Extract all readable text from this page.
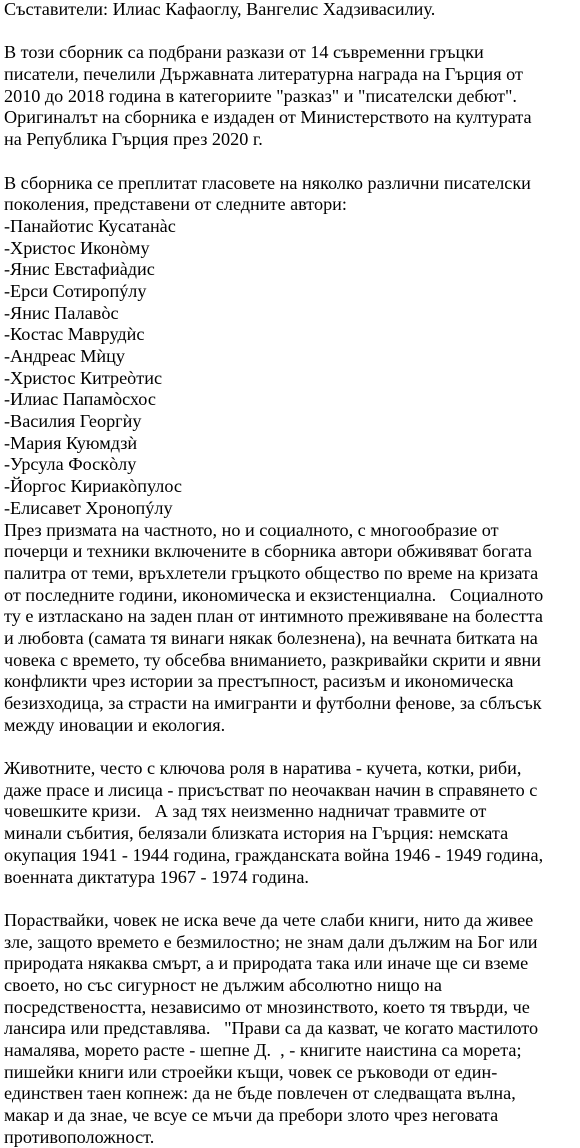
Съставители: Илиас Кафаоглу, Вангелис Хадзивасилиу.
В този сборник са подбрани разкази от 14 съвременни гръцки
писатели, печелили Държавната литературна награда на Гърция от
2010 до 2018 година в категориите "разказ" и "писателски дебют".
Оригиналът на сборника е издаден от Министерството на културата
на Република Гърция през 2020 г.
В сборника се преплитат гласовете на няколко различни писателски
поколения, представени от следните автори:
-Панайотис Кусатанàс
-Христос Иконòму
-Янис Евстафиàдис
-Ерси Сотиропýлу
-Янис Палавòс
-Костас Маврудѝс
-Андреас Мѝцу
-Христос Китреòтис
-Илиас Папамòсхос
-Василия Георгѝу
-Мария Куюмдзѝ
-Урсула Фоскòлу
-Йоргос Кириакòпулос
-Елисавет Хронопýлу
През призмата на частното, но и социалното, с многообразие от
почерци и техники включените в сборника автори обживяват богата
палитра от теми, връхлетели гръцкото общество по време на кризата
от последните години, икономическа и екзистенциална.   Социалното
ту е изтласкано на заден план от интимното преживяване на болестта
и любовта (самата тя винаги някак болезнена), на вечната битката на
човека с времето, ту обсебва вниманието, разкривайки скрити и явни
конфликти чрез истории за престъпност, расизъм и икономическа
безизходица, за страсти на имигранти и футболни фенове, за сблъсък
между иновации и екология.
Животните, често с ключова роля в наратива - кучета, котки, риби,
даже прасе и лисица - присъстват по неочакван начин в справянето с
човешките кризи.   А зад тях неизменно надничат травмите от
минали събития, белязали близката история на Гърция: немската
окупация 1941 - 1944 година, гражданската война 1946 - 1949 година,
военната диктатура 1967 - 1974 година.
Пораствайки, човек не иска вече да чете слаби книги, нито да живее
зле, защото времето е безмилостно; не знам дали дължим на Бог или
природата някаква смърт, а и природата така или иначе ще си вземе
своето, но със сигурност не дължим абсолютно нищо на
посредствеността, независимо от мнозинството, което тя твърди, че
лансира или представлява.   "Прави са да казват, че когато мастилото
намалява, морето расте - шепне Д.  , - книгите наистина са морета;
пишейки книги или строейки къщи, човек се ръководи от един-
единствен таен копнеж: да не бъде повлечен от следващата вълна,
макар и да знае, че всуе се мъчи да пребори злото чрез неговата
противоположност.
